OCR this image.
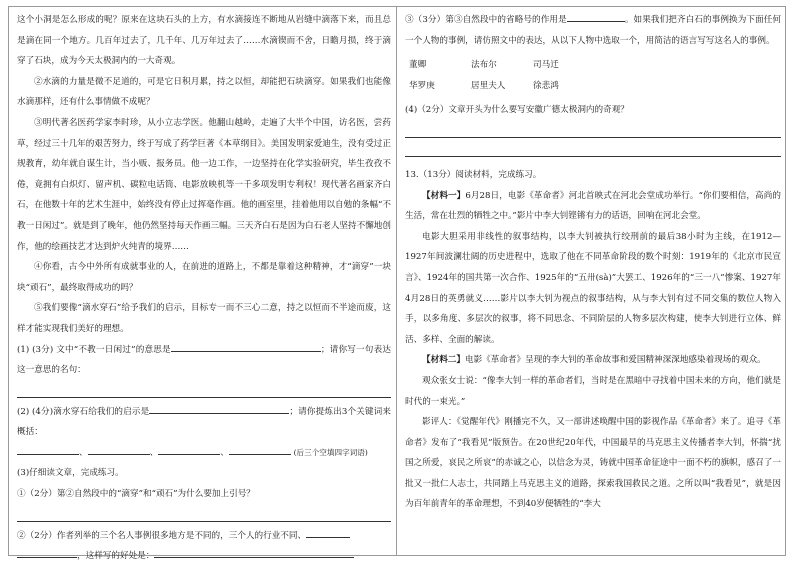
这个小洞是怎么形成的呢？原来在这块石头的上方，有水滴接连不断地从岩缝中滴落下来，而且总是滴在同一个地方。几百年过去了，几千年、几万年过去了……水滴锲而不舍，日瞻月损，终于滴穿了石块，成为今天太极洞内的一大奇观。

②水滴的力量是微不足道的，可是它日积月累，持之以恒，却能把石块滴穿。如果我们也能像水滴那样，还有什么事情做不成呢？

③明代著名医药学家李时珍，从小立志学医。他翻山越岭，走遍了大半个中国，访名医，尝药草，经过三十几年的艰苦努力，终于写成了药学巨著《本草纲目》。美国发明家爱迪生，没有受过正规教育，幼年就自谋生计，当小贩、报务员。他一边工作，一边坚持在化学实验研究，毕生孜孜不倦，竟拥有白炽灯、留声机、碳粒电话筒、电影放映机等一千多项发明专利权！现代著名画家齐白石，在他数十年的艺术生涯中，始终没有停止过挥毫作画。他的画室里，挂着他用以自勉的条幅“不教一日闲过”。就是到了晚年，他仍然坚持每天作画三幅。三天齐白石是因为白石老人坚持不懈地创作，他的绘画技艺才达到炉火纯青的境界……

④你看，古今中外所有成就事业的人，在前进的道路上，不都是靠着这种精神，才“滴穿”一块块“顽石”，最终取得成功的吗？

⑤我们要像“滴水穿石”给予我们的启示，目标专一而不三心二意，持之以恒而不半途而废，这样才能实现我们美好的理想。

(1) (3分) 文中“不教一日闲过”的意思是	；请你写一句表达这一意思的名句：

(2) (4分)滴水穿石给我们的启示是	；请你提炼出3个关键词来概括：

、	、	、	(后三个空填四字词语)

(3)仔细读文章，完成练习。

①（2分）第②自然段中的“滴穿”和“顽石”为什么要加上引号？

②（2分）作者列举的三个名人事例很多地方是不同的，三个人的行业不同、

，这样写的好处是：

③（3分）第③自然段中的省略号的作用是	。如果我们把齐白石的事例换为下面任何一个人物的事例，请仿照文中的表达，从以下人物中选取一个，用简洁的语言写写这名人的事例。

董卿	法布尔	司马迁
华罗庚	居里夫人	徐悲鸿

(4)（2分）文章开头为什么要写安徽广德太极洞内的奇观？

13.（13分）阅读材料，完成练习。

【材料一】6月28日，电影《革命者》河北首映式在河北会堂成功举行。“你们要相信，高尚的生活，常在壮烈的牺牲之中。”影片中李大钊铿锵有力的话语，回响在河北会堂。

电影大胆采用非线性的叙事结构，以李大钊被执行绞刑前的最后38小时为主线，在1912—1927年间波澜壮阔的历史进程中，选取了他在不同革命阶段的数个时刻：1919年的《北京市民宣言》、1924年的国共第一次合作、1925年的“五卅(sà)”大罢工、1926年的“三一八”惨案、1927年4月28日的英勇就义……影片以李大钊为视点的叙事结构，从与李大钊有过不同交集的数位人物入手，以多角度、多层次的叙事，将不同思念、不同阶层的人物多层次构建，使李大钊进行立体、鲜活、多样、全面的解读。

【材料二】电影《革命者》呈现的李大钊的革命故事和爱国精神深深地感染着现场的观众。

观众张女士说：“像李大钊一样的革命者们，当时是在黑暗中寻找着中国未来的方向，他们就是时代的一束光。”

影评人：《觉醒年代》刚播完不久，又一部讲述唤醒中国的影视作品《革命者》来了。追寻《革命者》发布了“我看见”版预告。在20世纪20年代，中国最早的马克思主义传播者李大钊，怀揣“扰国之所爱，哀民之所哀”的赤诚之心，以信念为灵，铸就中国革命征途中一面不朽的旗帜，感召了一批又一批仁人志士，共同踏上马克思主义的道路，探索我国救民之道。之所以叫“我看见”，就是因为百年前青年的革命理想，不到40岁便牺牲的“李大
